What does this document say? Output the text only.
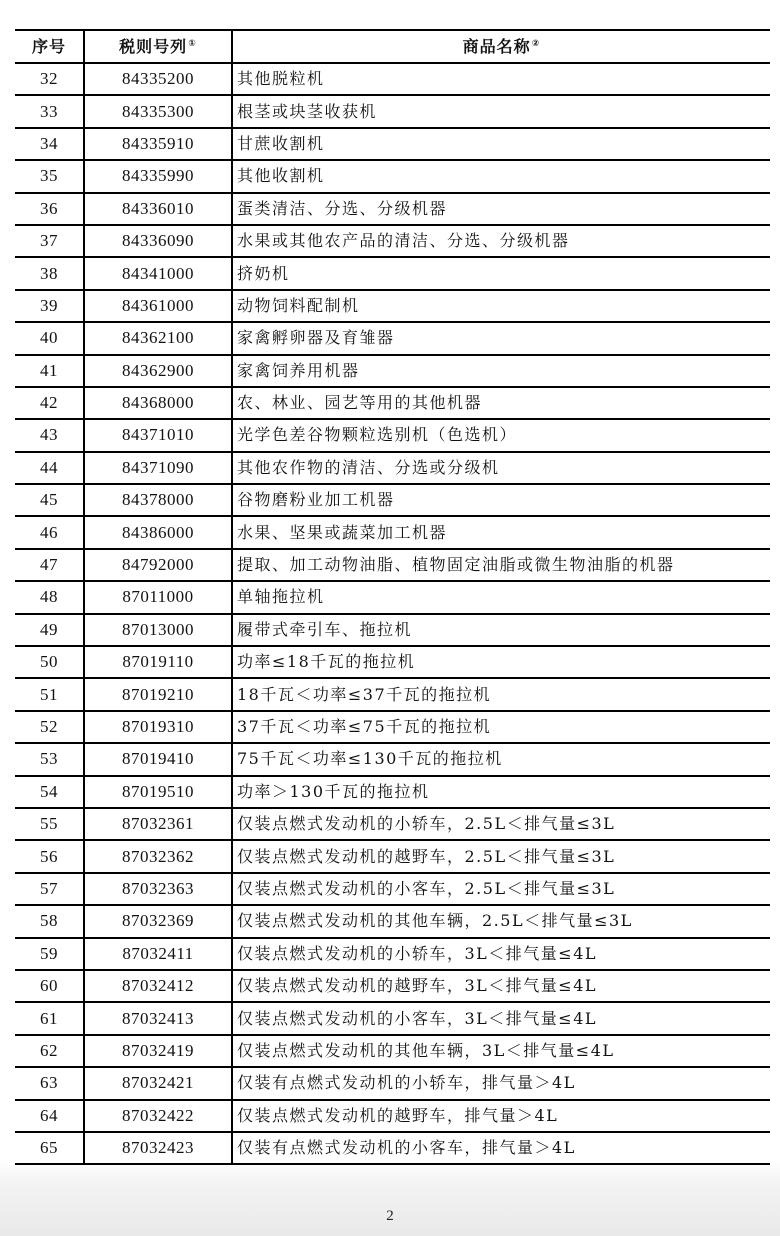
序号	税则号列①	商品名称②
32	84335200	其他脱粒机
33	84335300	根茎或块茎收获机
34	84335910	甘蔗收割机
35	84335990	其他收割机
36	84336010	蛋类清洁、分选、分级机器
37	84336090	水果或其他农产品的清洁、分选、分级机器
38	84341000	挤奶机
39	84361000	动物饲料配制机
40	84362100	家禽孵卵器及育雏器
41	84362900	家禽饲养用机器
42	84368000	农、林业、园艺等用的其他机器
43	84371010	光学色差谷物颗粒选别机（色选机）
44	84371090	其他农作物的清洁、分选或分级机
45	84378000	谷物磨粉业加工机器
46	84386000	水果、坚果或蔬菜加工机器
47	84792000	提取、加工动物油脂、植物固定油脂或微生物油脂的机器
48	87011000	单轴拖拉机
49	87013000	履带式牵引车、拖拉机
50	87019110	功率≤18千瓦的拖拉机
51	87019210	18千瓦＜功率≤37千瓦的拖拉机
52	87019310	37千瓦＜功率≤75千瓦的拖拉机
53	87019410	75千瓦＜功率≤130千瓦的拖拉机
54	87019510	功率＞130千瓦的拖拉机
55	87032361	仅装点燃式发动机的小轿车，2.5L＜排气量≤3L
56	87032362	仅装点燃式发动机的越野车，2.5L＜排气量≤3L
57	87032363	仅装点燃式发动机的小客车，2.5L＜排气量≤3L
58	87032369	仅装点燃式发动机的其他车辆，2.5L＜排气量≤3L
59	87032411	仅装点燃式发动机的小轿车，3L＜排气量≤4L
60	87032412	仅装点燃式发动机的越野车，3L＜排气量≤4L
61	87032413	仅装点燃式发动机的小客车，3L＜排气量≤4L
62	87032419	仅装点燃式发动机的其他车辆，3L＜排气量≤4L
63	87032421	仅装有点燃式发动机的小轿车，排气量＞4L
64	87032422	仅装点燃式发动机的越野车，排气量＞4L
65	87032423	仅装有点燃式发动机的小客车，排气量＞4L
2
